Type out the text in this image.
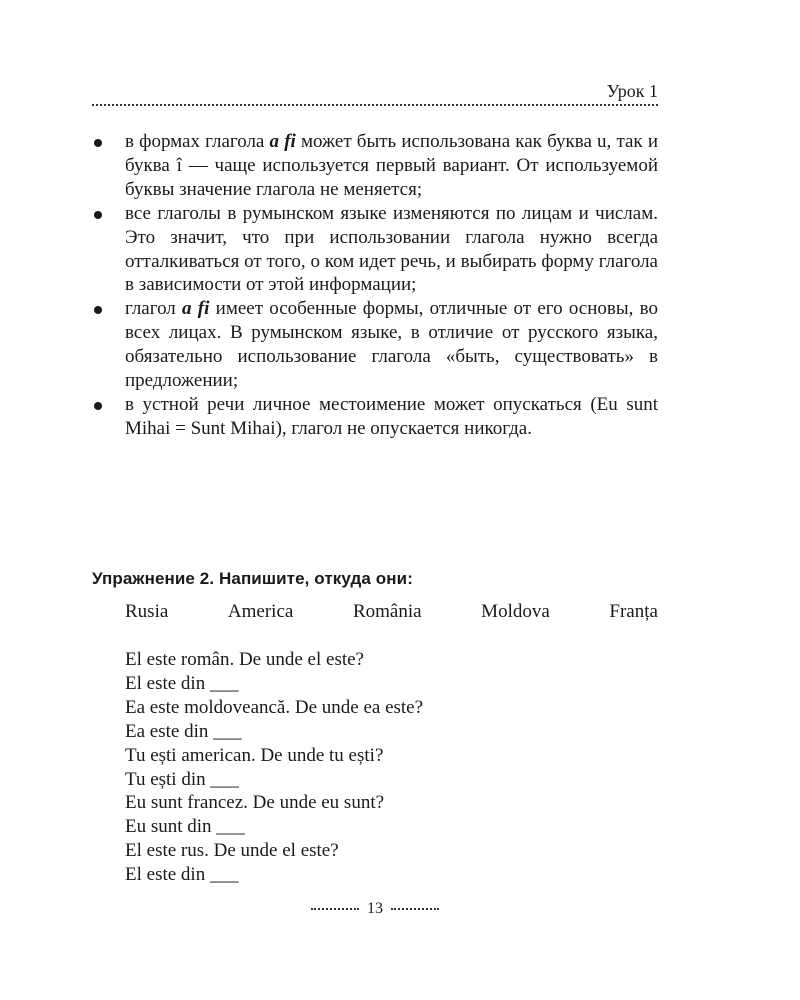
Урок 1
в формах глагола a fi может быть использована как буква u, так и буква î — чаще используется первый вариант. От используемой буквы значение глагола не меняется;
все глаголы в румынском языке изменяются по лицам и числам. Это значит, что при использовании глагола нужно всегда отталкиваться от того, о ком идет речь, и выбирать форму глагола в зависимости от этой информации;
глагол a fi имеет особенные формы, отличные от его основы, во всех лицах. В румынском языке, в отличие от русского языка, обязательно использование глагола «быть, существовать» в предложении;
в устной речи личное местоимение может опускаться (Eu sunt Mihai = Sunt Mihai), глагол не опускается никогда.
Упражнение 2. Напишите, откуда они:
Rusia	America	România	Moldova	Franța
El este român. De unde el este?
El este din ___
Ea este moldoveancă. De unde ea este?
Ea este din ___
Tu ești american. De unde tu ești?
Tu ești din ___
Eu sunt francez. De unde eu sunt?
Eu sunt din ___
El este rus. De unde el este?
El este din ___
13
